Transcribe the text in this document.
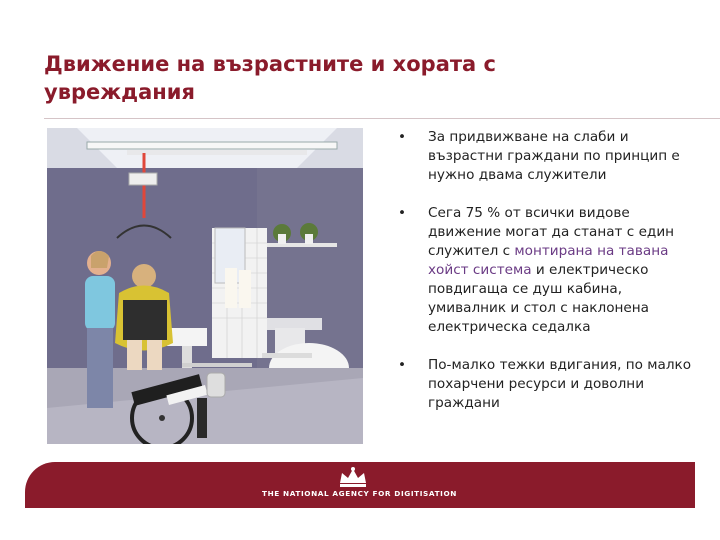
Движение на възрастните и хората с увреждания
• За придвижване на слаби и възрастни граждани по принцип е нужно двама служители
• Сега 75 % от всички видове движение могат да станат с един служител с монтирана на тавана хойст система и електрическо повдигаща се душ кабина, умивалник и стол с наклонена електрическа седалка
• По-малко тежки вдигания, по малко похарчени ресурси и доволни граждани
THE NATIONAL AGENCY FOR DIGITISATION
